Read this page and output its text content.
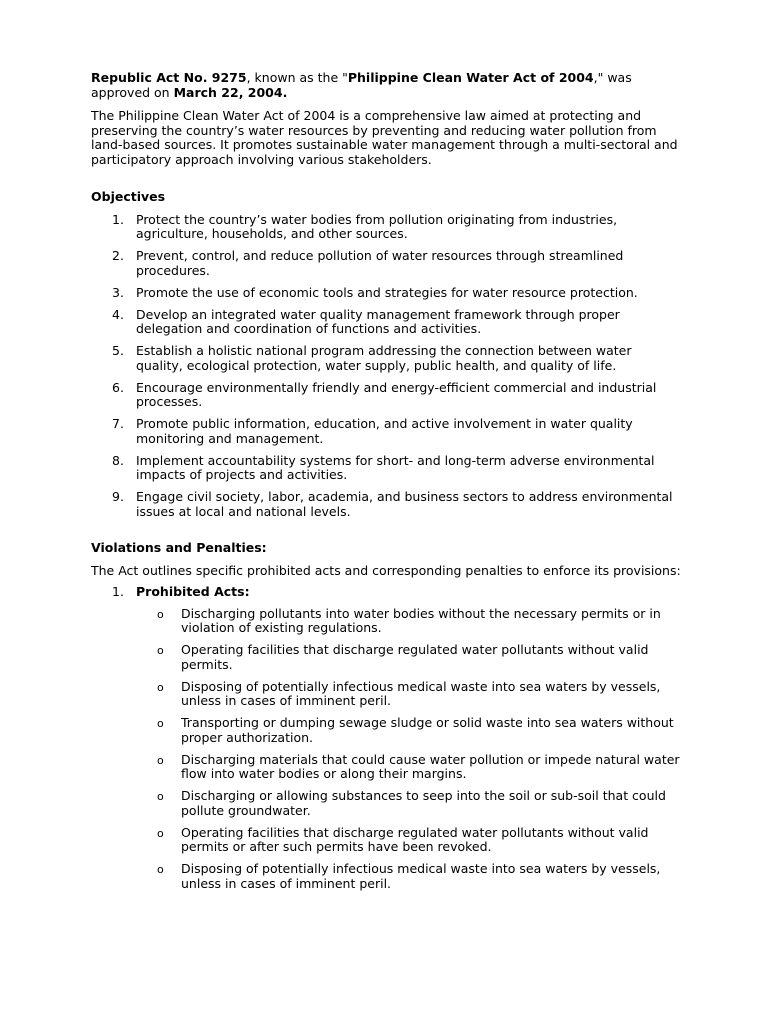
Republic Act No. 9275, known as the "Philippine Clean Water Act of 2004," was approved on March 22, 2004.

The Philippine Clean Water Act of 2004 is a comprehensive law aimed at protecting and preserving the country’s water resources by preventing and reducing water pollution from land-based sources. It promotes sustainable water management through a multi-sectoral and participatory approach involving various stakeholders.

Objectives
1. Protect the country’s water bodies from pollution originating from industries, agriculture, households, and other sources.
2. Prevent, control, and reduce pollution of water resources through streamlined procedures.
3. Promote the use of economic tools and strategies for water resource protection.
4. Develop an integrated water quality management framework through proper delegation and coordination of functions and activities.
5. Establish a holistic national program addressing the connection between water quality, ecological protection, water supply, public health, and quality of life.
6. Encourage environmentally friendly and energy-efficient commercial and industrial processes.
7. Promote public information, education, and active involvement in water quality monitoring and management.
8. Implement accountability systems for short- and long-term adverse environmental impacts of projects and activities.
9. Engage civil society, labor, academia, and business sectors to address environmental issues at local and national levels.
Violations and Penalties:

The Act outlines specific prohibited acts and corresponding penalties to enforce its provisions:

1. Prohibited Acts:
o Discharging pollutants into water bodies without the necessary permits or in violation of existing regulations.
o Operating facilities that discharge regulated water pollutants without valid permits.
o Disposing of potentially infectious medical waste into sea waters by vessels, unless in cases of imminent peril.
o Transporting or dumping sewage sludge or solid waste into sea waters without proper authorization.
o Discharging materials that could cause water pollution or impede natural water flow into water bodies or along their margins.
o Discharging or allowing substances to seep into the soil or sub-soil that could pollute groundwater.
o Operating facilities that discharge regulated water pollutants without valid permits or after such permits have been revoked.
o Disposing of potentially infectious medical waste into sea waters by vessels, unless in cases of imminent peril.
